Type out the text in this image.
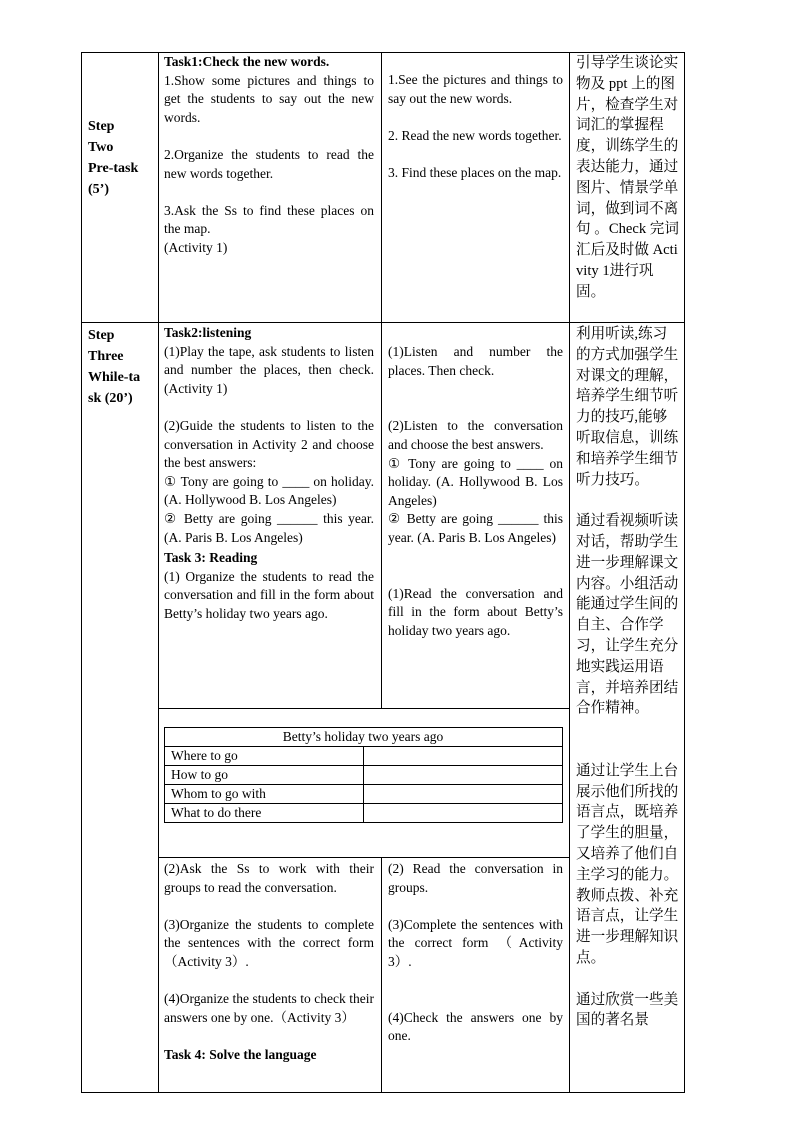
Step
Two
Pre-task
(5’)

Task1:Check the new words.

1.Show some pictures and things to get the students to say out the new words.

2.Organize the students to read the new words together.

3.Ask the Ss to find these places on the map.

(Activity 1)

1.See the pictures and things to say out the new words.

2. Read the new words together.

3. Find these places on the map.

引导学生谈论实物及 ppt 上的图片，检查学生对词汇的掌握程度，训练学生的表达能力，通过图片、情景学单词，做到词不离句 。Check 完词汇后及时做 Activity 1进行巩固。

Step
Three
While-ta
sk (20’)

Task2:listening

(1)Play the tape, ask students to listen and number the places, then check. (Activity 1)

(2)Guide the students to listen to the conversation in Activity 2 and choose the best answers:

① Tony are going to ____ on holiday. (A. Hollywood B. Los Angeles)

② Betty are going ______ this year. (A. Paris B. Los Angeles)

Task 3: Reading

(1) Organize the students to read the conversation and fill in the form about Betty’s holiday two years ago.

(1)Listen and number the places. Then check.

(2)Listen to the conversation and choose the best answers.

① Tony are going to ____ on holiday. (A. Hollywood B. Los Angeles)

② Betty are going ______ this year. (A. Paris B. Los Angeles)

(1)Read the conversation and fill in the form about Betty’s holiday two years ago.

Betty’s holiday two years ago
Where to go
How to go
Whom to go with
What to do there

(2)Ask the Ss to work with their groups to read the conversation.

(3)Organize the students to complete the sentences with the correct form （Activity 3）.

(4)Organize the students to check their answers one by one.（Activity 3）

Task 4: Solve the language

(2) Read the conversation in groups.

(3)Complete the sentences with the correct form （Activity 3）.

(4)Check the answers one by one.

利用听读,练习的方式加强学生对课文的理解，培养学生细节听力的技巧,能够听取信息，训练和培养学生细节听力技巧。

通过看视频听读对话，帮助学生进一步理解课文内容。小组活动能通过学生间的自主、合作学习，让学生充分地实践运用语言，并培养团结合作精神。

通过让学生上台展示他们所找的语言点，既培养了学生的胆量，又培养了他们自主学习的能力。教师点拨、补充语言点，让学生进一步理解知识点。

通过欣赏一些美国的著名景
